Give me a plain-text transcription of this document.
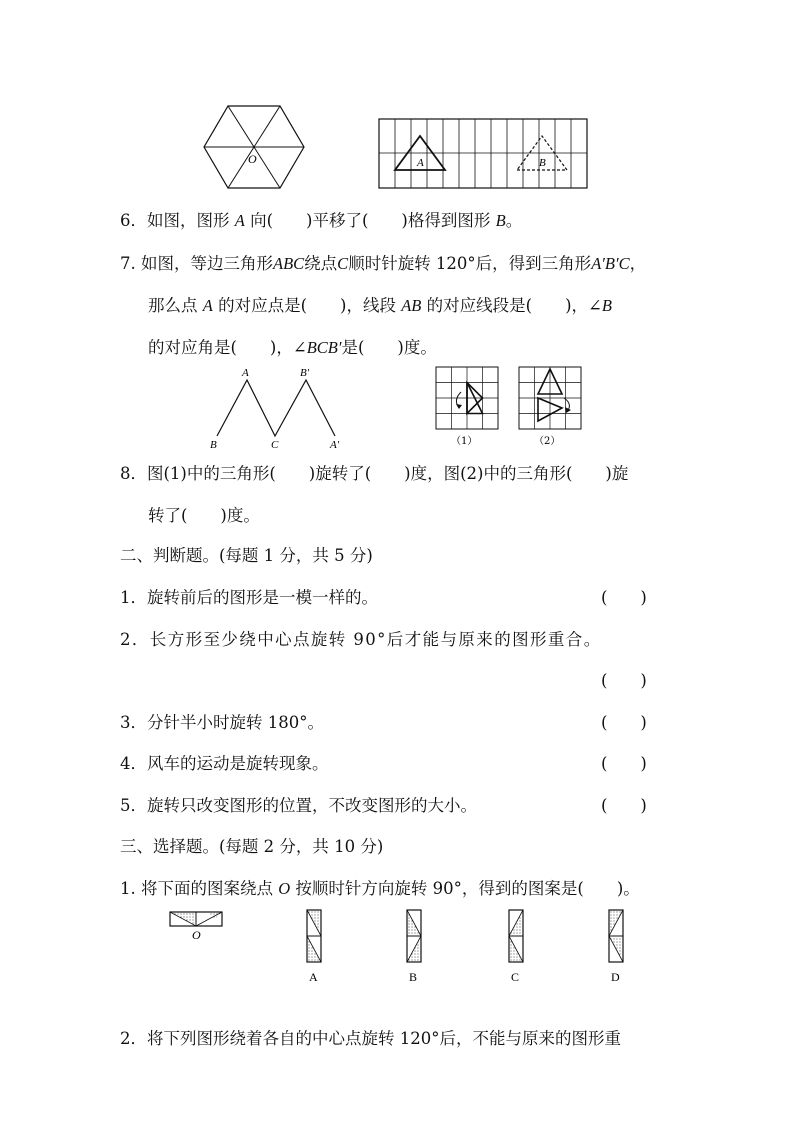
O	A	B
6．如图，图形 A 向(　　)平移了(　　)格得到图形 B。
7. 如图，等边三角形ABC绕点C顺时针旋转 120°后，得到三角形A′B′C，
那么点 A 的对应点是(　　)，线段 AB 的对应线段是(　　)，∠B
的对应角是(　　)，∠BCB′是(　　)度。
A	B'
B	C	A'	（1）	（2）
8．图(1)中的三角形(　　)旋转了(　　)度，图(2)中的三角形(　　)旋
转了(　　)度。
二、判断题。(每题 1 分，共 5 分)
1．旋转前后的图形是一模一样的。	(　　)
2．长方形至少绕中心点旋转 90°后才能与原来的图形重合。
(　　)
3．分针半小时旋转 180°。	(　　)
4．风车的运动是旋转现象。	(　　)
5．旋转只改变图形的位置，不改变图形的大小。	(　　)
三、选择题。(每题 2 分，共 10 分)
1. 将下面的图案绕点 O 按顺时针方向旋转 90°，得到的图案是(　　)。
O
A	B	C	D
2．将下列图形绕着各自的中心点旋转 120°后，不能与原来的图形重
